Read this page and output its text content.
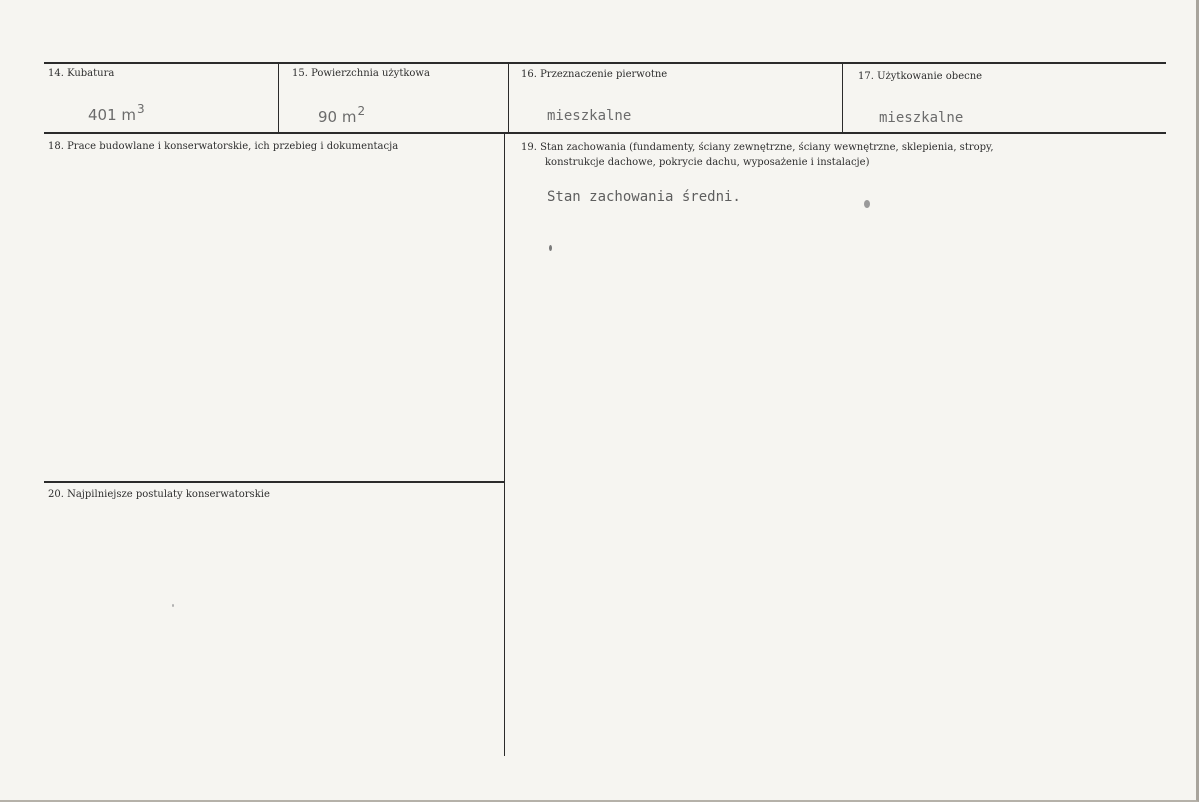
14. Kubatura
401 $m^3$
15. Powierzchnia użytkowa
90 $m^2$
16. Przeznaczenie pierwotne
mieszkalne
17. Użytkowanie obecne
mieszkalne
18. Prace budowlane i konserwatorskie, ich przebieg i dokumentacja	19. Stan zachowania (fundamenty, ściany zewnętrzne, ściany wewnętrzne, sklepienia, stropy,
konstrukcje dachowe, pokrycie dachu, wyposażenie i instalacje)
Stan zachowania średni.
20. Najpilniejsze postulaty konserwatorskie
